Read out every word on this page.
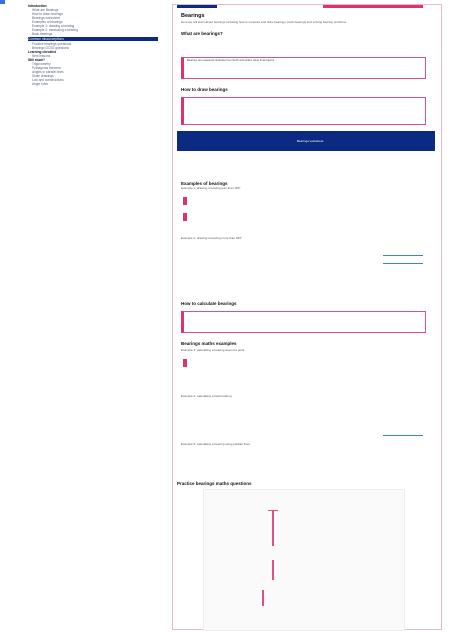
Introduction
What are Bearings
How to draw bearings
Bearings worksheet
Examples of bearings
Example 1: drawing a bearing
Example 2: measuring a bearing
Back bearings
Common misconceptions
Practice bearings questions
Bearings GCSE questions
Learning checklist
Next lessons
Still stuck?
Trigonometry
Pythagoras theorem
Angles in parallel lines
Scale drawings
Loci and constructions
Angle rules
Bearings
Here we will learn about bearings including how to measure and draw bearings, back bearings and solving bearing problems.
What are bearings?
Bearings are measured clockwise from North and written using three figures.
How to draw bearings
Bearings worksheet
Examples of bearings
Example 1: drawing a bearing less than 180°
Example 2: drawing a bearing more than 180°
How to calculate bearings
Bearings maths examples
Example 3: calculating a bearing around a point
Example 4: calculating a back bearing
Example 5: calculating a bearing using parallel lines
Practice bearings maths questions
